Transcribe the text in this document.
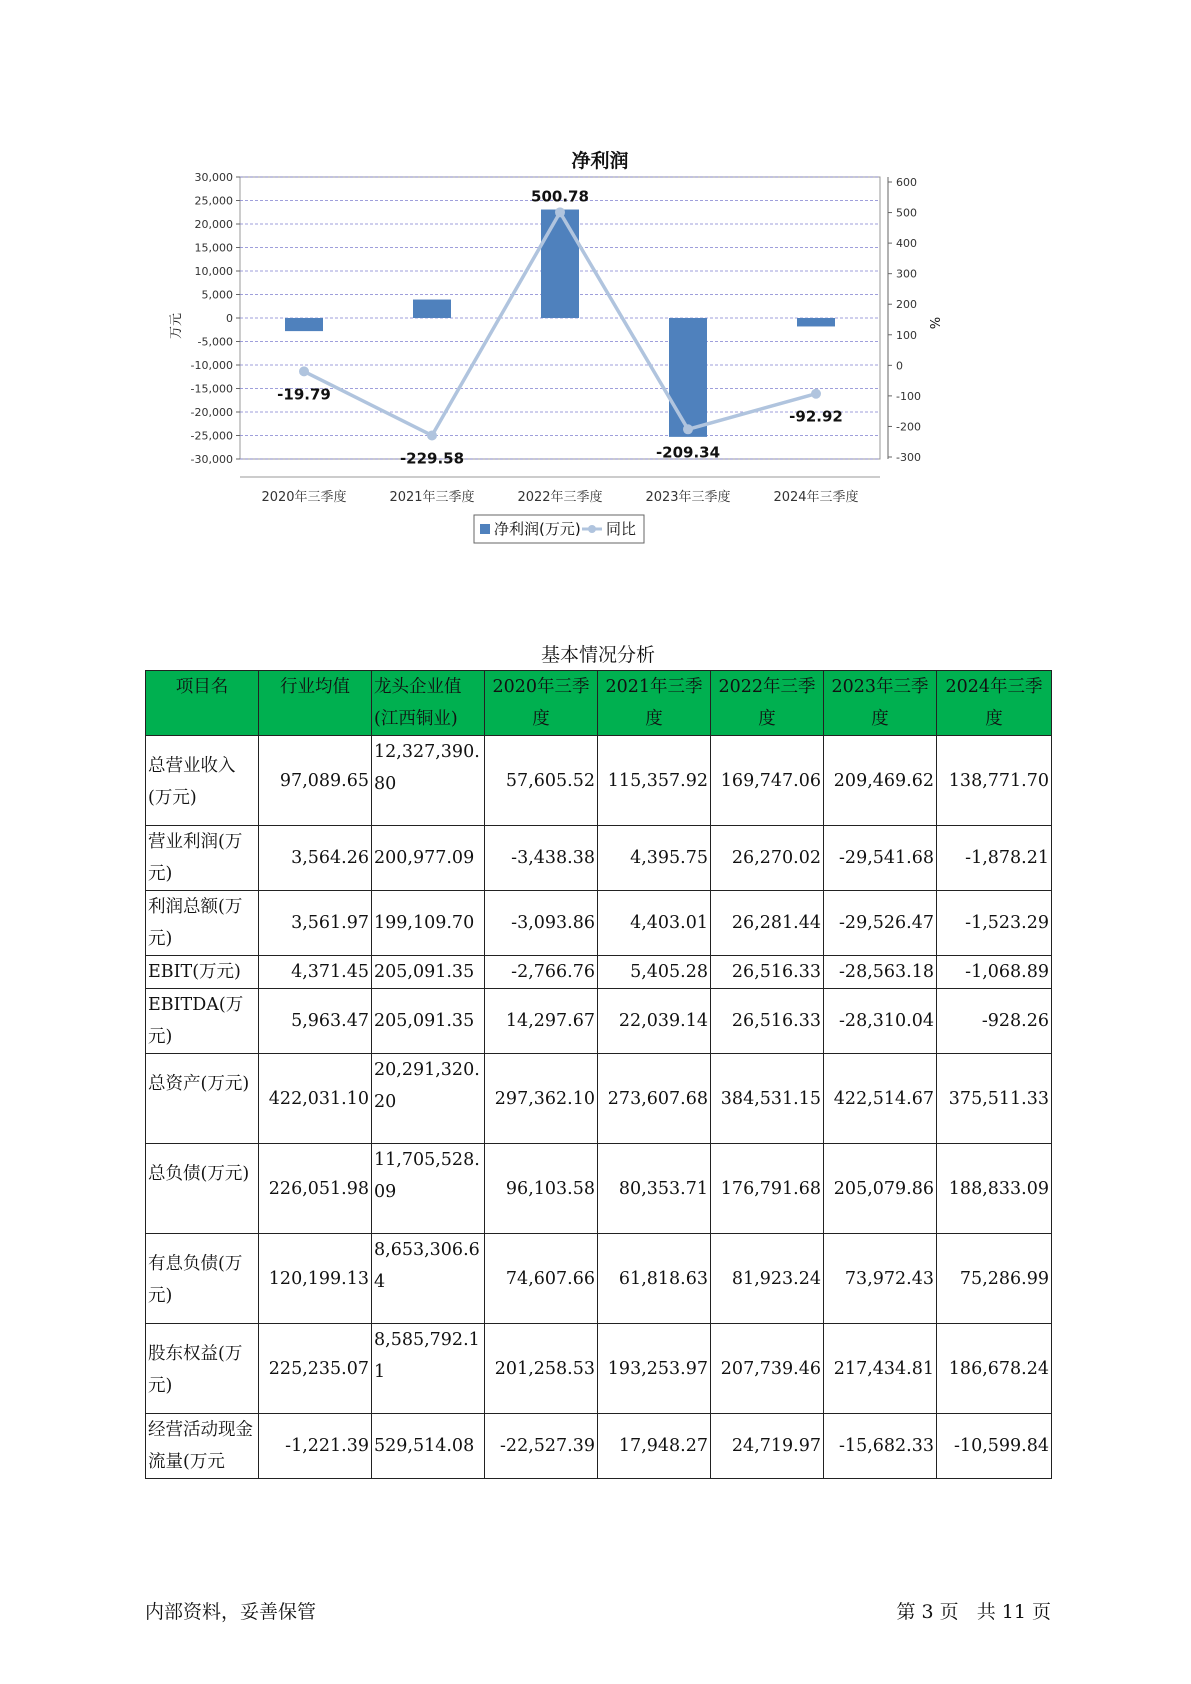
净利润
-19.79
-229.58
500.78
-209.34
-92.92
30,000
25,000
20,000
15,000
10,000
5,000
0
-5,000
-10,000
-15,000
-20,000
-25,000
-30,000
600
500
400
300
200
100
0
-100
-200
-300
2020年三季度	2021年三季度	2022年三季度	2023年三季度	2024年三季度
万元	%
净利润(万元) 同比
基本情况分析
项目名	行业均值	龙头企业值(江西铜业)	2020年三季度	2021年三季度	2022年三季度	2023年三季度	2024年三季度
总营业收入(万元)	97,089.65	12,327,390.80	57,605.52	115,357.92	169,747.06	209,469.62	138,771.70
营业利润(万元)	3,564.26	200,977.09	-3,438.38	4,395.75	26,270.02	-29,541.68	-1,878.21
利润总额(万元)	3,561.97	199,109.70	-3,093.86	4,403.01	26,281.44	-29,526.47	-1,523.29
EBIT(万元)	4,371.45	205,091.35	-2,766.76	5,405.28	26,516.33	-28,563.18	-1,068.89
EBITDA(万元)	5,963.47	205,091.35	14,297.67	22,039.14	26,516.33	-28,310.04	-928.26
总资产(万元)	422,031.10	20,291,320.20	297,362.10	273,607.68	384,531.15	422,514.67	375,511.33
总负债(万元)	226,051.98	11,705,528.09	96,103.58	80,353.71	176,791.68	205,079.86	188,833.09
有息负债(万元)	120,199.13	8,653,306.64	74,607.66	61,818.63	81,923.24	73,972.43	75,286.99
股东权益(万元)	225,235.07	8,585,792.11	201,258.53	193,253.97	207,739.46	217,434.81	186,678.24
经营活动现金流量(万元	-1,221.39	529,514.08	-22,527.39	17,948.27	24,719.97	-15,682.33	-10,599.84
内部资料，妥善保管	第 3 页   共 11 页
